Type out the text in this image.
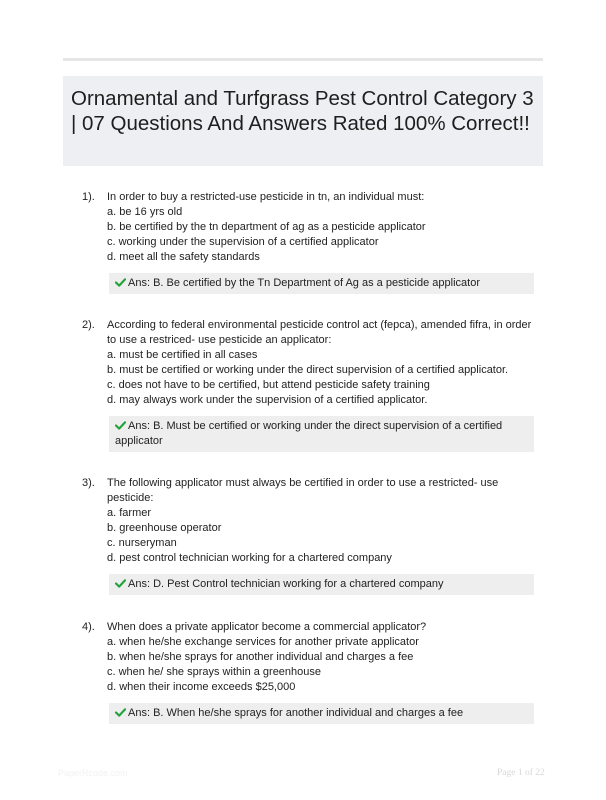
Ornamental and Turfgrass Pest Control Category 3 | 07 Questions And Answers Rated 100% Correct!!
1). In order to buy a restricted-use pesticide in tn, an individual must:
a. be 16 yrs old
b. be certified by the tn department of ag as a pesticide applicator
c. working under the supervision of a certified applicator
d. meet all the safety standards
Ans: B. Be certified by the Tn Department of Ag as a pesticide applicator
2). According to federal environmental pesticide control act (fepca), amended fifra, in order to use a restriced- use pesticide an applicator:
a. must be certified in all cases
b. must be certified or working under the direct supervision of a certified applicator.
c. does not have to be certified, but attend pesticide safety training
d. may always work under the supervision of a certified applicator.
Ans: B. Must be certified or working under the direct supervision of a certified applicator
3). The following applicator must always be certified in order to use a restricted- use pesticide:
a. farmer
b. greenhouse operator
c. nurseryman
d. pest control technician working for a chartered company
Ans: D. Pest Control technician working for a chartered company
4). When does a private applicator become a commercial applicator?
a. when he/she exchange services for another private applicator
b. when he/she sprays for another individual and charges a fee
c. when he/ she sprays within a greenhouse
d. when their income exceeds $25,000
Ans: B. When he/she sprays for another individual and charges a fee
PaperRcode.com	Page 1 of 22
